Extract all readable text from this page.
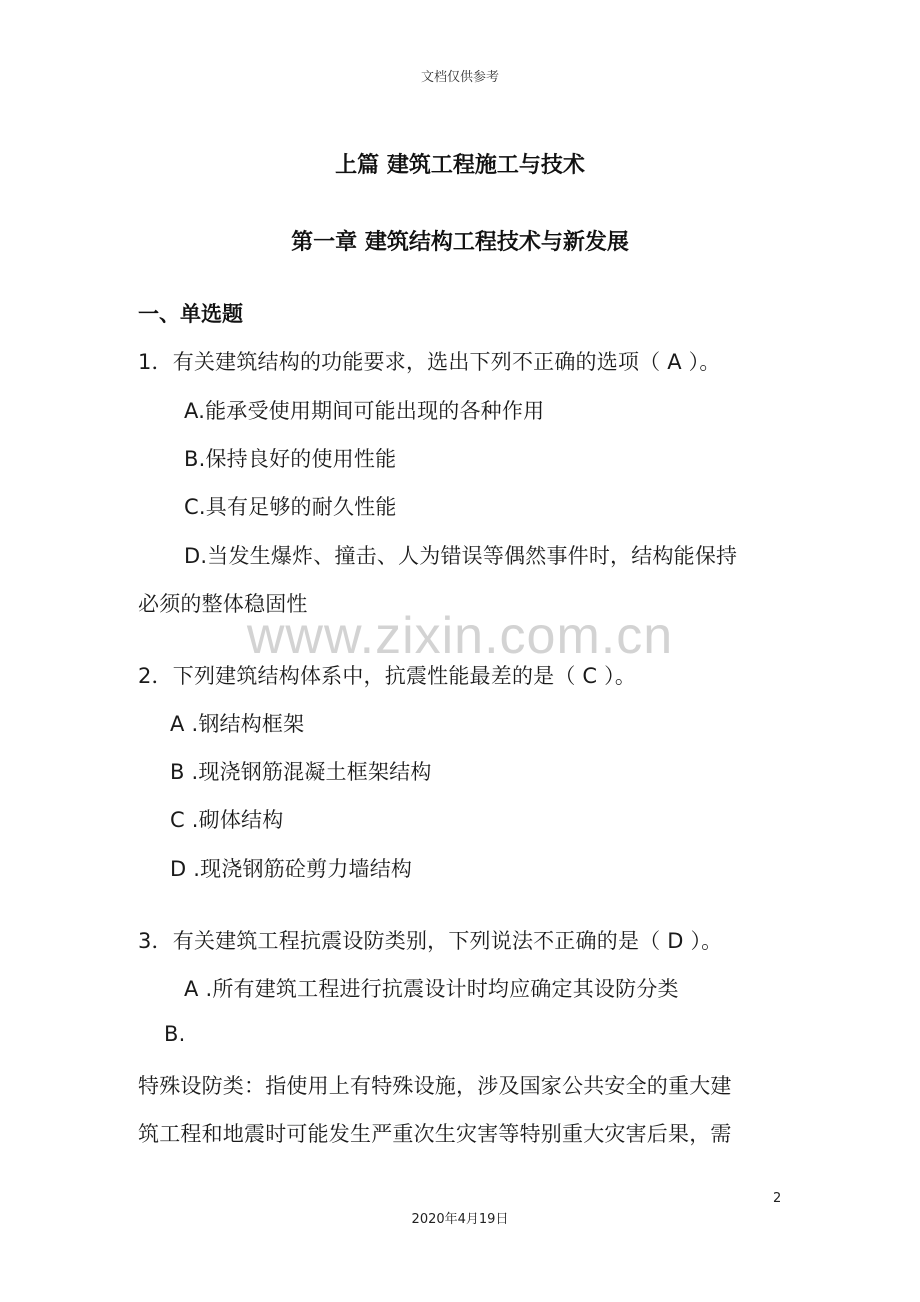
文档仅供参考
上篇 建筑工程施工与技术
第一章 建筑结构工程技术与新发展
一、单选题
1．有关建筑结构的功能要求，选出下列不正确的选项（ A ）。
A.能承受使用期间可能出现的各种作用
B.保持良好的使用性能
C.具有足够的耐久性能
D.当发生爆炸、撞击、人为错误等偶然事件时，结构能保持
必须的整体稳固性
www.zixin.com.cn
2．下列建筑结构体系中，抗震性能最差的是（ C ）。
A .钢结构框架
B .现浇钢筋混凝土框架结构
C .砌体结构
D .现浇钢筋砼剪力墙结构
3．有关建筑工程抗震设防类别，下列说法不正确的是（ D ）。
A .所有建筑工程进行抗震设计时均应确定其设防分类
B.
特殊设防类：指使用上有特殊设施，涉及国家公共安全的重大建
筑工程和地震时可能发生严重次生灾害等特别重大灾害后果，需
2
2020年4月19日
